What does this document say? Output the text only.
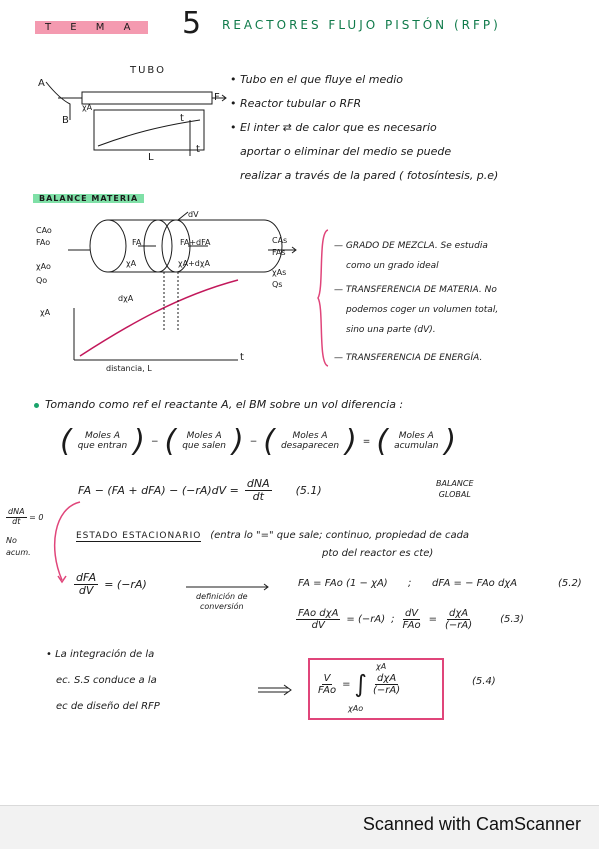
T E M A	5 REACTORES FLUJO PISTÓN (RFP)
TUBO
A
B
χA
F
t
t
L
• Tubo en el que fluye el medio
• Reactor tubular o RFR
• El inter ⇄ de calor que es necesario
aportar o eliminar del medio se puede
realizar a través de la pared ( fotosíntesis, p.e)
BALANCE MATERIA
dV
CAo
FAo
χAo
Qo
FA
χA
FA+dFA
χA+dχA
CAs
FAs
χAs
Qs
dχA
χA
distancia, L
t
— GRADO DE MEZCLA. Se estudia
como un grado ideal
— TRANSFERENCIA DE MATERIA. No
podemos coger un volumen total,
sino una parte (dV).
— TRANSFERENCIA DE ENERGÍA.
Tomando como ref el reactante A, el BM sobre un vol diferencia :
( Moles A
que entran ) − ( Moles A
que salen ) − ( Moles A
desaparecen ) = ( Moles A
acumulan )
FA − $(FA + dFA) - (-rA)dV = \frac{\text{dNA}}{dt} (5.1)$
BALANCE
GLOBAL
$\frac{\text{dNA}}{dt} = 0$
No
acum.
ESTADO ESTACIONARIO (entra lo "=" que sale; continuo, propiedad de cada
pto del reactor es cte)
$\frac{\text{dFA}}{dV} = (-rA)$
definición de
conversión
FA = FAo (1 − χA) ; dFA = − FAo dχA	(5.2)
$\frac{\text{FAo dχA}}{dV} = (-rA)$ ; $\frac{dV}{\text{FAo}} = \frac{\text{dχA}}{(-rA)}$	(5.3)
• La integración de la
ec. S.S conduce a la
ec de diseño del RFP
$\frac{V}{\text{FAo}}$ = ∫ $\frac{\text{dχA}}{(-rA)}$
χA
χAo
(5.4)
Scanned with CamScanner
